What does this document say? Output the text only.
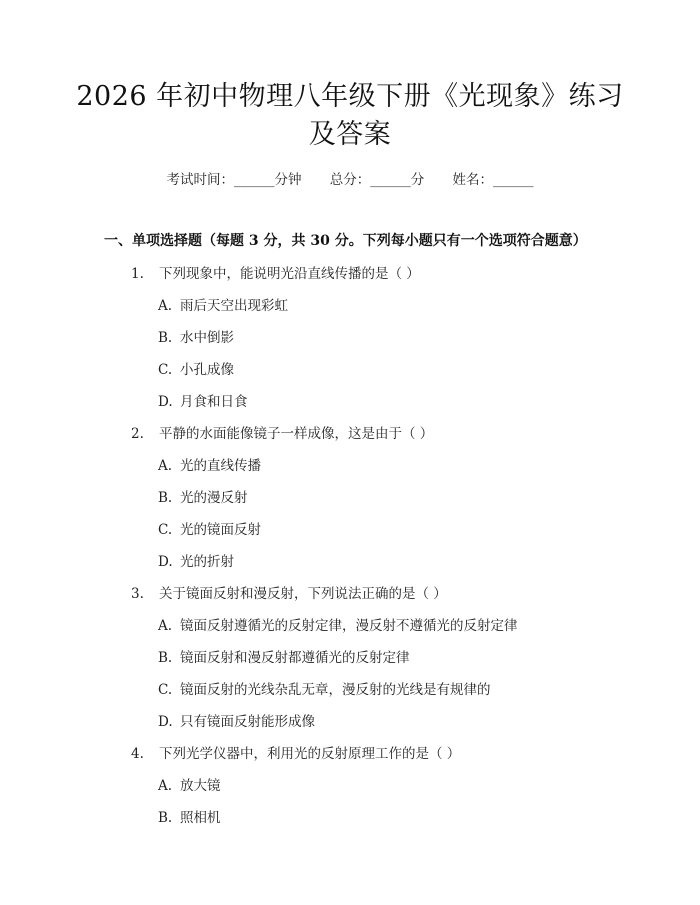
2026 年初中物理八年级下册《光现象》练习
及答案
考试时间：______分钟 总分：______分 姓名：______
一、单项选择题（每题 3 分，共 30 分。下列每小题只有一个选项符合题意）
1. 下列现象中，能说明光沿直线传播的是（ ）
A. 雨后天空出现彩虹
B. 水中倒影
C. 小孔成像
D. 月食和日食
2. 平静的水面能像镜子一样成像，这是由于（ ）
A. 光的直线传播
B. 光的漫反射
C. 光的镜面反射
D. 光的折射
3. 关于镜面反射和漫反射，下列说法正确的是（ ）
A. 镜面反射遵循光的反射定律，漫反射不遵循光的反射定律
B. 镜面反射和漫反射都遵循光的反射定律
C. 镜面反射的光线杂乱无章，漫反射的光线是有规律的
D. 只有镜面反射能形成像
4. 下列光学仪器中，利用光的反射原理工作的是（ ）
A. 放大镜
B. 照相机
